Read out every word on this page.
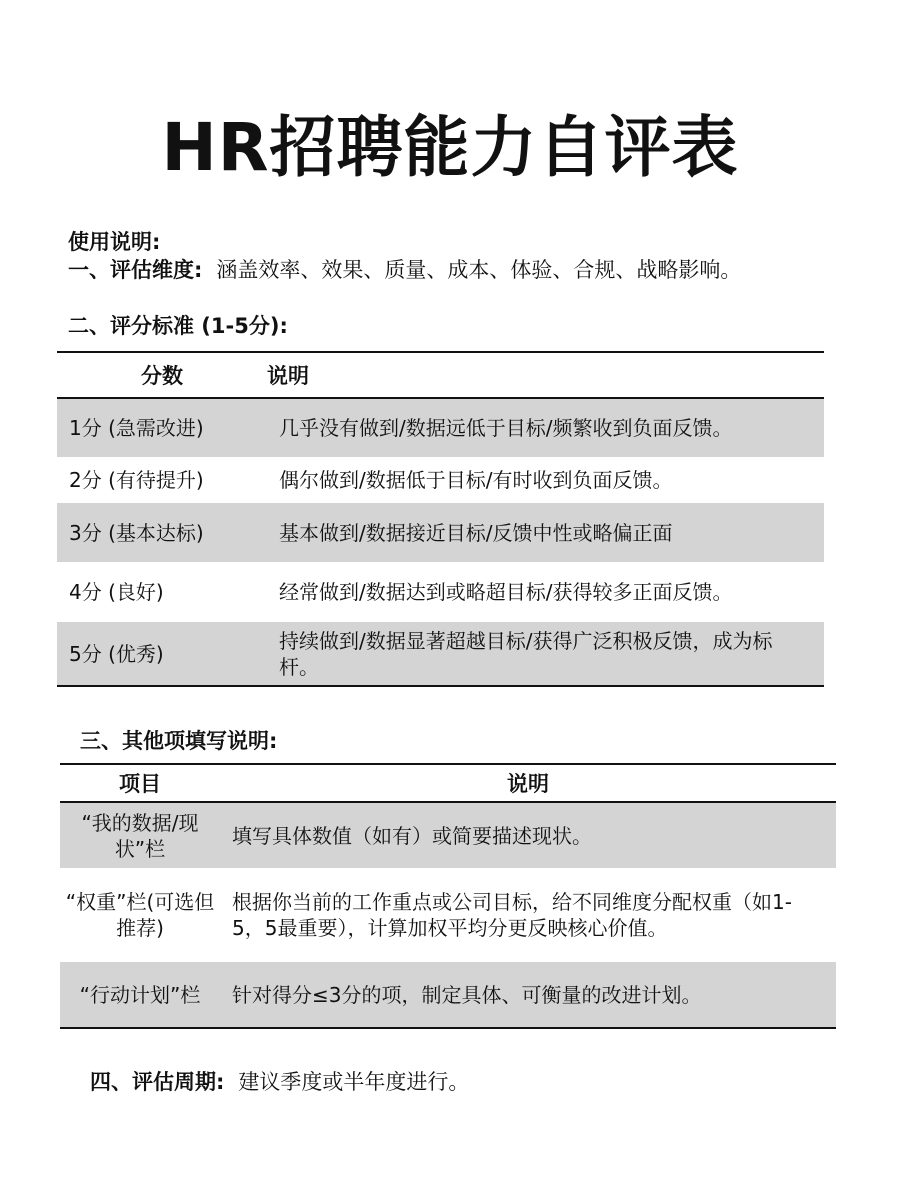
HR招聘能力自评表
使用说明:
一、评估维度: 涵盖效率、效果、质量、成本、体验、合规、战略影响。
二、评分标准 (1-5分):
分数	说明
1分 (急需改进)	几乎没有做到/数据远低于目标/频繁收到负面反馈。
2分 (有待提升)	偶尔做到/数据低于目标/有时收到负面反馈。
3分 (基本达标)	基本做到/数据接近目标/反馈中性或略偏正面
4分 (良好)	经常做到/数据达到或略超目标/获得较多正面反馈。
5分 (优秀)	持续做到/数据显著超越目标/获得广泛积极反馈，成为标杆。
三、其他项填写说明:
项目	说明
“我的数据/现状”栏	填写具体数值（如有）或简要描述现状。
“权重”栏(可选但推荐)	根据你当前的工作重点或公司目标，给不同维度分配权重（如1-5，5最重要），计算加权平均分更反映核心价值。
“行动计划”栏	针对得分≤3分的项，制定具体、可衡量的改进计划。
四、评估周期: 建议季度或半年度进行。
